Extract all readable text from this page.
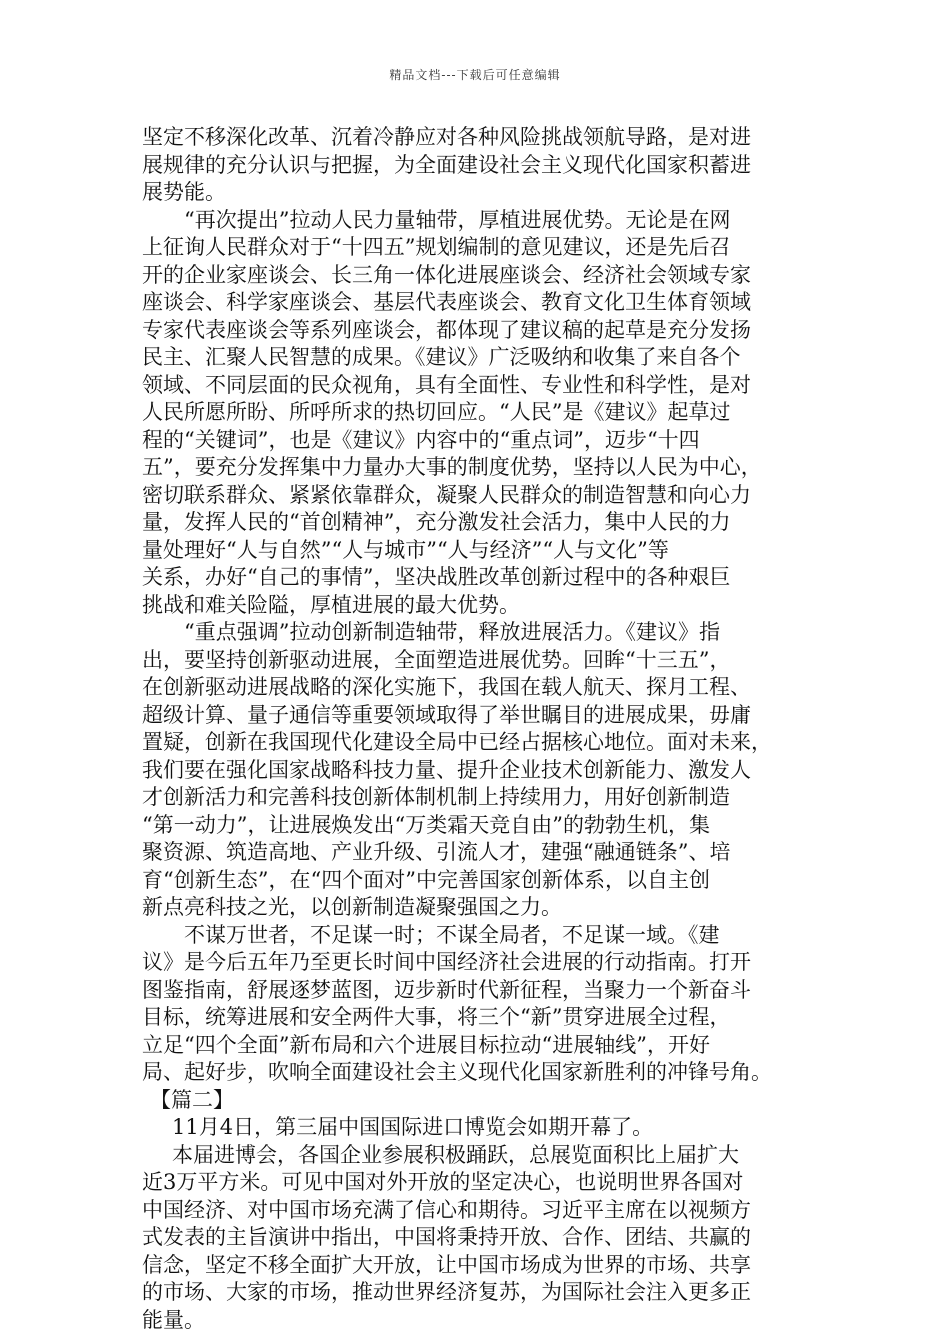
精品文档---下载后可任意编辑
坚定不移深化改革、沉着冷静应对各种风险挑战领航导路，是对进
展规律的充分认识与把握，为全面建设社会主义现代化国家积蓄进
展势能。
“再次提出”拉动人民力量轴带，厚植进展优势。无论是在网
上征询人民群众对于“十四五”规划编制的意见建议，还是先后召
开的企业家座谈会、长三角一体化进展座谈会、经济社会领域专家
座谈会、科学家座谈会、基层代表座谈会、教育文化卫生体育领域
专家代表座谈会等系列座谈会，都体现了建议稿的起草是充分发扬
民主、汇聚人民智慧的成果。《建议》广泛吸纳和收集了来自各个
领域、不同层面的民众视角，具有全面性、专业性和科学性，是对
人民所愿所盼、所呼所求的热切回应。“人民”是《建议》起草过
程的“关键词”，也是《建议》内容中的“重点词”，迈步“十四
五”，要充分发挥集中力量办大事的制度优势，坚持以人民为中心，
密切联系群众、紧紧依靠群众，凝聚人民群众的制造智慧和向心力
量，发挥人民的“首创精神”，充分激发社会活力，集中人民的力
量处理好“人与自然”“人与城市”“人与经济”“人与文化”等
关系，办好“自己的事情”，坚决战胜改革创新过程中的各种艰巨
挑战和难关险隘，厚植进展的最大优势。
“重点强调”拉动创新制造轴带，释放进展活力。《建议》指
出，要坚持创新驱动进展，全面塑造进展优势。回眸“十三五”，
在创新驱动进展战略的深化实施下，我国在载人航天、探月工程、
超级计算、量子通信等重要领域取得了举世瞩目的进展成果，毋庸
置疑，创新在我国现代化建设全局中已经占据核心地位。面对未来，
我们要在强化国家战略科技力量、提升企业技术创新能力、激发人
才创新活力和完善科技创新体制机制上持续用力，用好创新制造
“第一动力”，让进展焕发出“万类霜天竞自由”的勃勃生机，集
聚资源、筑造高地、产业升级、引流人才，建强“融通链条”、培
育“创新生态”，在“四个面对”中完善国家创新体系，以自主创
新点亮科技之光，以创新制造凝聚强国之力。
不谋万世者，不足谋一时；不谋全局者，不足谋一域。《建
议》是今后五年乃至更长时间中国经济社会进展的行动指南。打开
图鉴指南，舒展逐梦蓝图，迈步新时代新征程，当聚力一个新奋斗
目标，统筹进展和安全两件大事，将三个“新”贯穿进展全过程，
立足“四个全面”新布局和六个进展目标拉动“进展轴线”，开好
局、起好步，吹响全面建设社会主义现代化国家新胜利的冲锋号角。
【篇二】
11月4日，第三届中国国际进口博览会如期开幕了。
本届进博会，各国企业参展积极踊跃，总展览面积比上届扩大
近3万平方米。可见中国对外开放的坚定决心，也说明世界各国对
中国经济、对中国市场充满了信心和期待。习近平主席在以视频方
式发表的主旨演讲中指出，中国将秉持开放、合作、团结、共赢的
信念，坚定不移全面扩大开放，让中国市场成为世界的市场、共享
的市场、大家的市场，推动世界经济复苏，为国际社会注入更多正
能量。
